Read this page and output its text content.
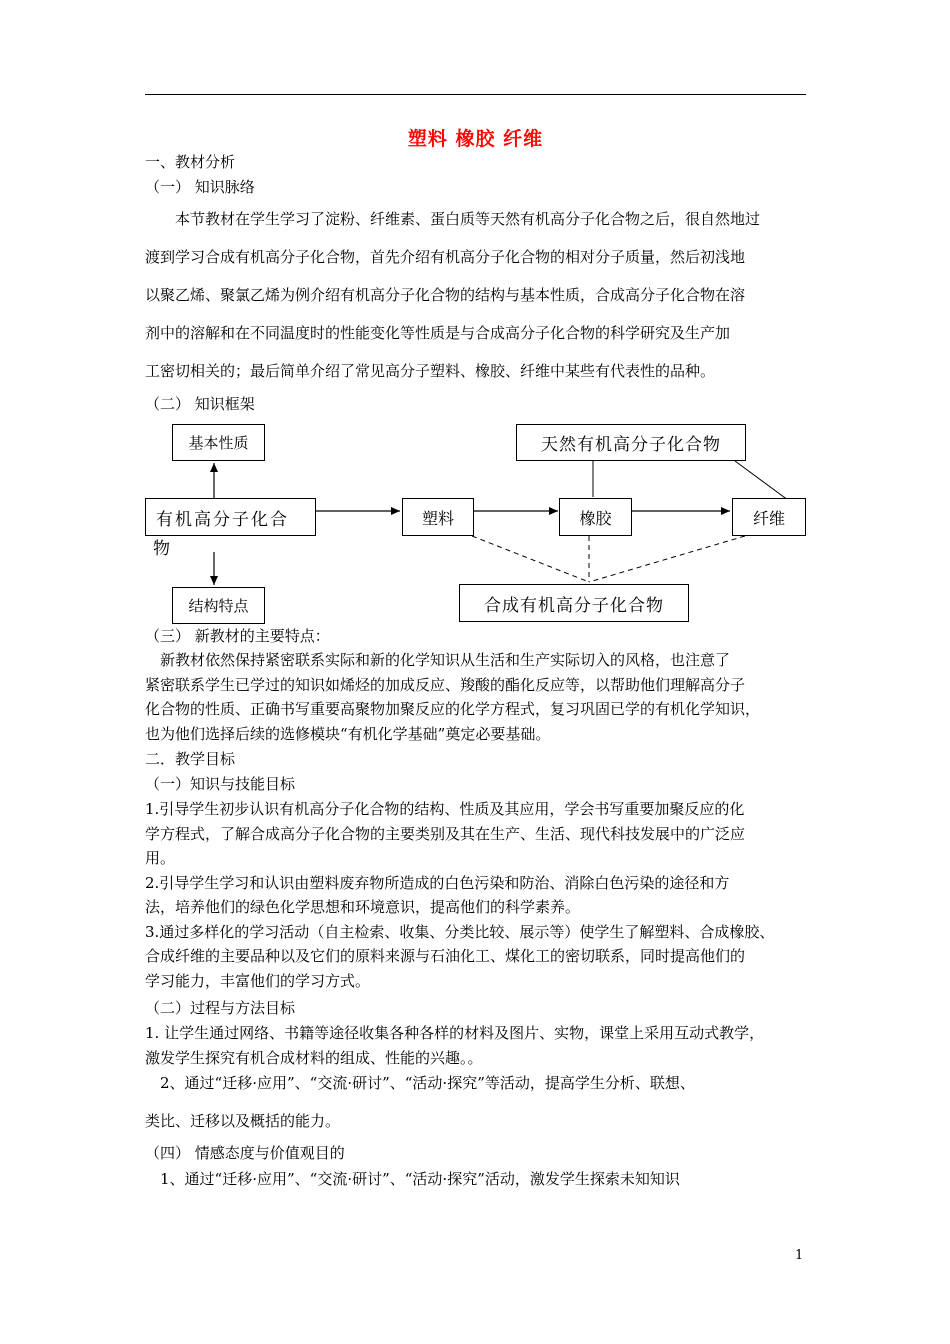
塑料 橡胶 纤维
一、教材分析
（一） 知识脉络
本节教材在学生学习了淀粉、纤维素、蛋白质等天然有机高分子化合物之后，很自然地过
渡到学习合成有机高分子化合物，首先介绍有机高分子化合物的相对分子质量，然后初浅地
以聚乙烯、聚氯乙烯为例介绍有机高分子化合物的结构与基本性质，合成高分子化合物在溶
剂中的溶解和在不同温度时的性能变化等性质是与合成高分子化合物的科学研究及生产加
工密切相关的；最后简单介绍了常见高分子塑料、橡胶、纤维中某些有代表性的品种。
（二） 知识框架
基本性质
有机高分子化合
物
结构特点
塑料	橡胶	纤维
天然有机高分子化合物
合成有机高分子化合物
（三） 新教材的主要特点：
新教材依然保持紧密联系实际和新的化学知识从生活和生产实际切入的风格，也注意了
紧密联系学生已学过的知识如烯烃的加成反应、羧酸的酯化反应等，以帮助他们理解高分子
化合物的性质、正确书写重要高聚物加聚反应的化学方程式，复习巩固已学的有机化学知识，
也为他们选择后续的选修模块“有机化学基础”奠定必要基础。
二．教学目标
（一）知识与技能目标
1.引导学生初步认识有机高分子化合物的结构、性质及其应用，学会书写重要加聚反应的化
学方程式，了解合成高分子化合物的主要类别及其在生产、生活、现代科技发展中的广泛应
用。
2.引导学生学习和认识由塑料废弃物所造成的白色污染和防治、消除白色污染的途径和方
法，培养他们的绿色化学思想和环境意识，提高他们的科学素养。
3.通过多样化的学习活动（自主检索、收集、分类比较、展示等）使学生了解塑料、合成橡胶、
合成纤维的主要品种以及它们的原料来源与石油化工、煤化工的密切联系，同时提高他们的
学习能力，丰富他们的学习方式。
（二）过程与方法目标
1. 让学生通过网络、书籍等途径收集各种各样的材料及图片、实物，课堂上采用互动式教学，
激发学生探究有机合成材料的组成、性能的兴趣。。
2、通过“迁移·应用”、“交流·研讨”、“活动·探究”等活动，提高学生分析、联想、
类比、迁移以及概括的能力。
（四） 情感态度与价值观目的
1、通过“迁移·应用”、“交流·研讨”、“活动·探究”活动，激发学生探索未知知识
1
